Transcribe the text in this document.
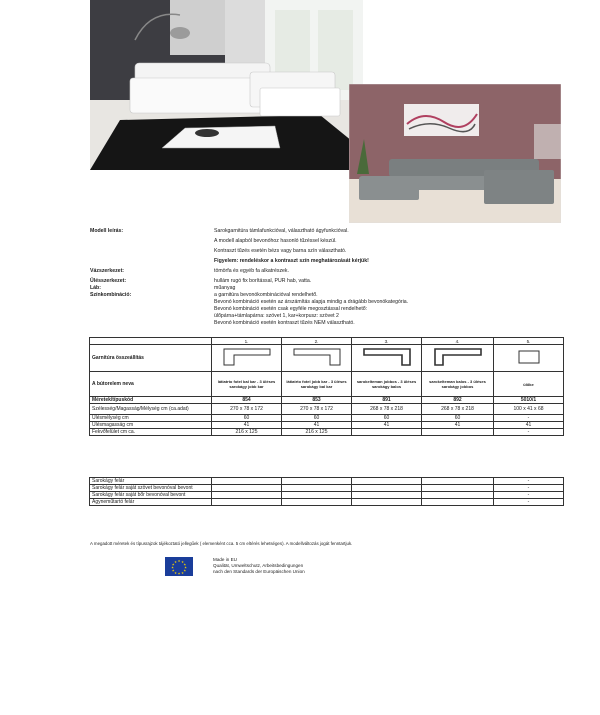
Modell leírás:	Sarokgarnitúra támlafunkcióval, választható ágyfunkcióval.
A modell alapból bevonóhoz hasonló tűzéssel készül.
Kontraszt tűzés esetén bézs vagy barna szín választható.
Figyelem: rendeléskor a kontraszt szín meghatározását kérjük!
Vázszerkezet:	tömörfa és egyéb fa alkatrészek.
Ülésszerkezet:	hullám rugó fix borítással, PUR hab, vatta.
Láb:	műanyag
Színkombináció:	a garnitúra bevonókombinációval rendelhető.
Bevonó kombináció esetén az árszámítás alapja mindig a drágább bevonókategória.
Bevonó kombináció esetén csak egyféle megosztással rendelhető:
ülőpárna+támlapárna: szövet 1, kar+korpusz: szövet 2
Bevonó kombináció esetén kontraszt tűzés NEM választható.
	1.	2.	3.	4.	5.
Garnitúra összeállítás					
A bútorelem neva	látiatrto fotel bal kar - 3 üléses sarokágy jobb kar	látiatrto fotel jobb kar - 3 üléses sarokágy bal kar	sarokelteman jobbos - 3 üléses sarokágy balos	sarokelteman balos - 3 üléses sarokágy jobbos	ülőke
Méretek/típuskód	854	853	891	892	5010/1
Szélesség/Magasság/Mélység cm (ca.adat)	270 x 78 x 172	270 x 78 x 172	268 x 78 x 218	268 x 78 x 218	100 x 41 x 68
Ülésmélység cm	60	60	60	60	-
Ülésmagasság cm	41	41	41	41	41
Fekvőfelület cm ca.	216 x 125	216 x 125			-
Sarokágy felár					-
Sarokágy felár saját szövet bevonóval bevont					-
Sarokágy felár saját bőr bevonóval bevont					-
Ágyneműtartó felár					-
A megadott méretek és típusrajzok tájékoztató jellegűek ( elemenként cca. 5 cm eltérés lehetséges). A modellváltozás jogát fenntartjuk.
★ ★
★
★
★
★
★
★
★
★
★
★	Made in EU
Qualität, Umweltschutz, Arbeitsbedingungen
nach den Standards der Europäischen Union
